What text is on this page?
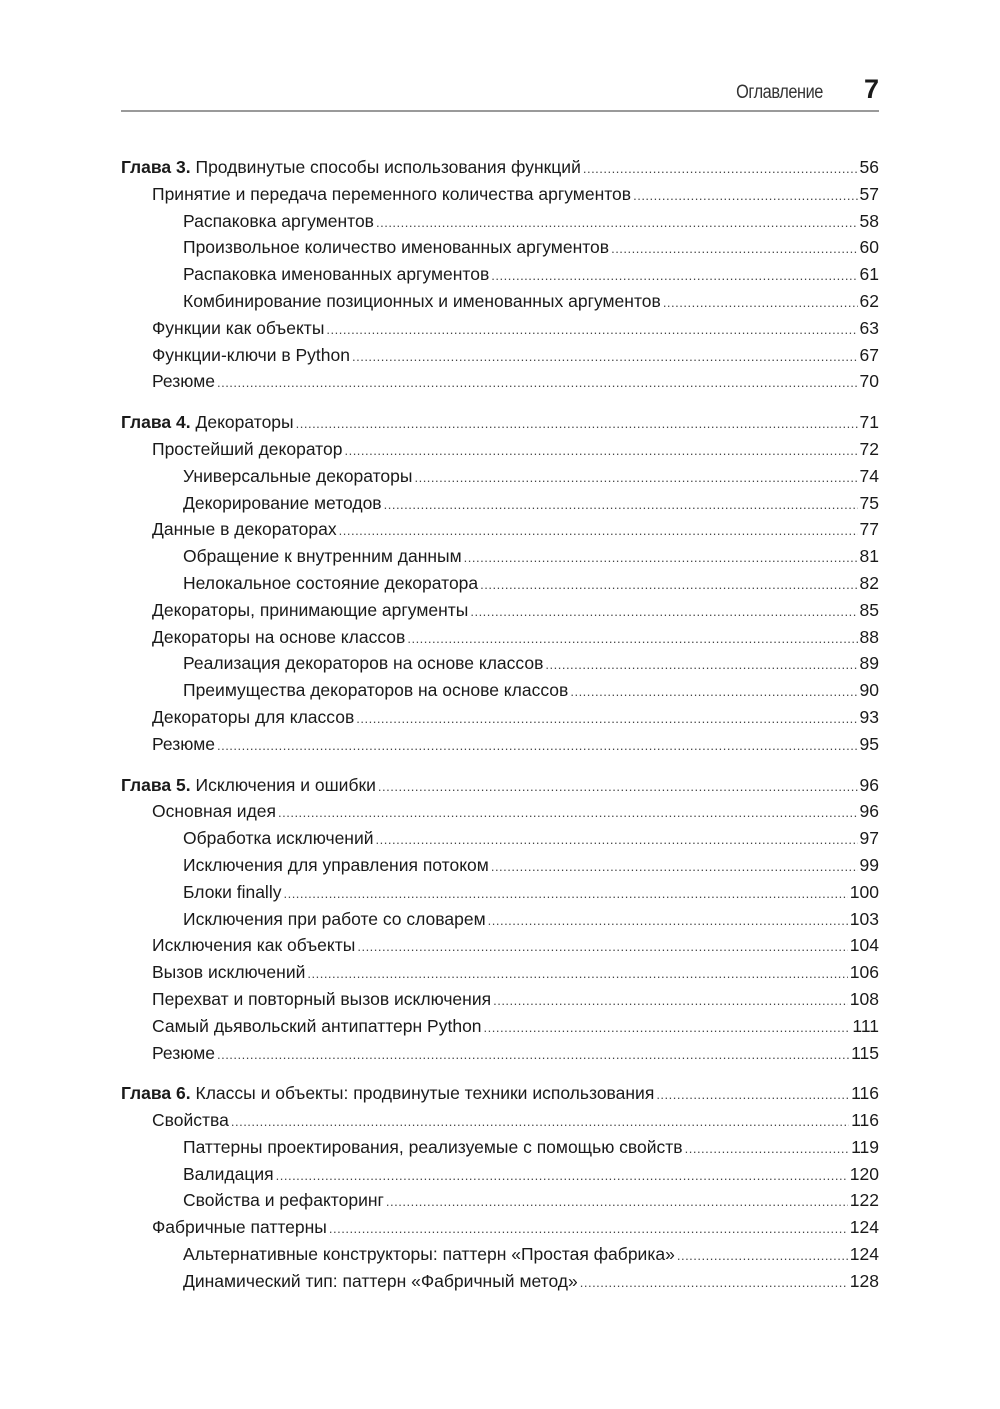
Оглавление 7
Глава 3. Продвинутые способы использования функций .....	56
Принятие и передача переменного количества аргументов .....	57
Распаковка аргументов .....	58
Произвольное количество именованных аргументов .....	60
Распаковка именованных аргументов .....	61
Комбинирование позиционных и именованных аргументов .....	62
Функции как объекты .....	63
Функции-ключи в Python .....	67
Резюме .....	70
Глава 4. Декораторы .....	71
Простейший декоратор .....	72
Универсальные декораторы .....	74
Декорирование методов .....	75
Данные в декораторах .....	77
Обращение к внутренним данным .....	81
Нелокальное состояние декоратора .....	82
Декораторы, принимающие аргументы .....	85
Декораторы на основе классов .....	88
Реализация декораторов на основе классов .....	89
Преимущества декораторов на основе классов .....	90
Декораторы для классов .....	93
Резюме .....	95
Глава 5. Исключения и ошибки .....	96
Основная идея .....	96
Обработка исключений .....	97
Исключения для управления потоком .....	99
Блоки finally .....	100
Исключения при работе со словарем .....	103
Исключения как объекты .....	104
Вызов исключений .....	106
Перехват и повторный вызов исключения .....	108
Самый дьявольский антипаттерн Python .....	111
Резюме .....	115
Глава 6. Классы и объекты: продвинутые техники использования .....	116
Свойства .....	116
Паттерны проектирования, реализуемые с помощью свойств .....	119
Валидация .....	120
Свойства и рефакторинг .....	122
Фабричные паттерны .....	124
Альтернативные конструкторы: паттерн «Простая фабрика» .....	124
Динамический тип: паттерн «Фабричный метод» .....	128
